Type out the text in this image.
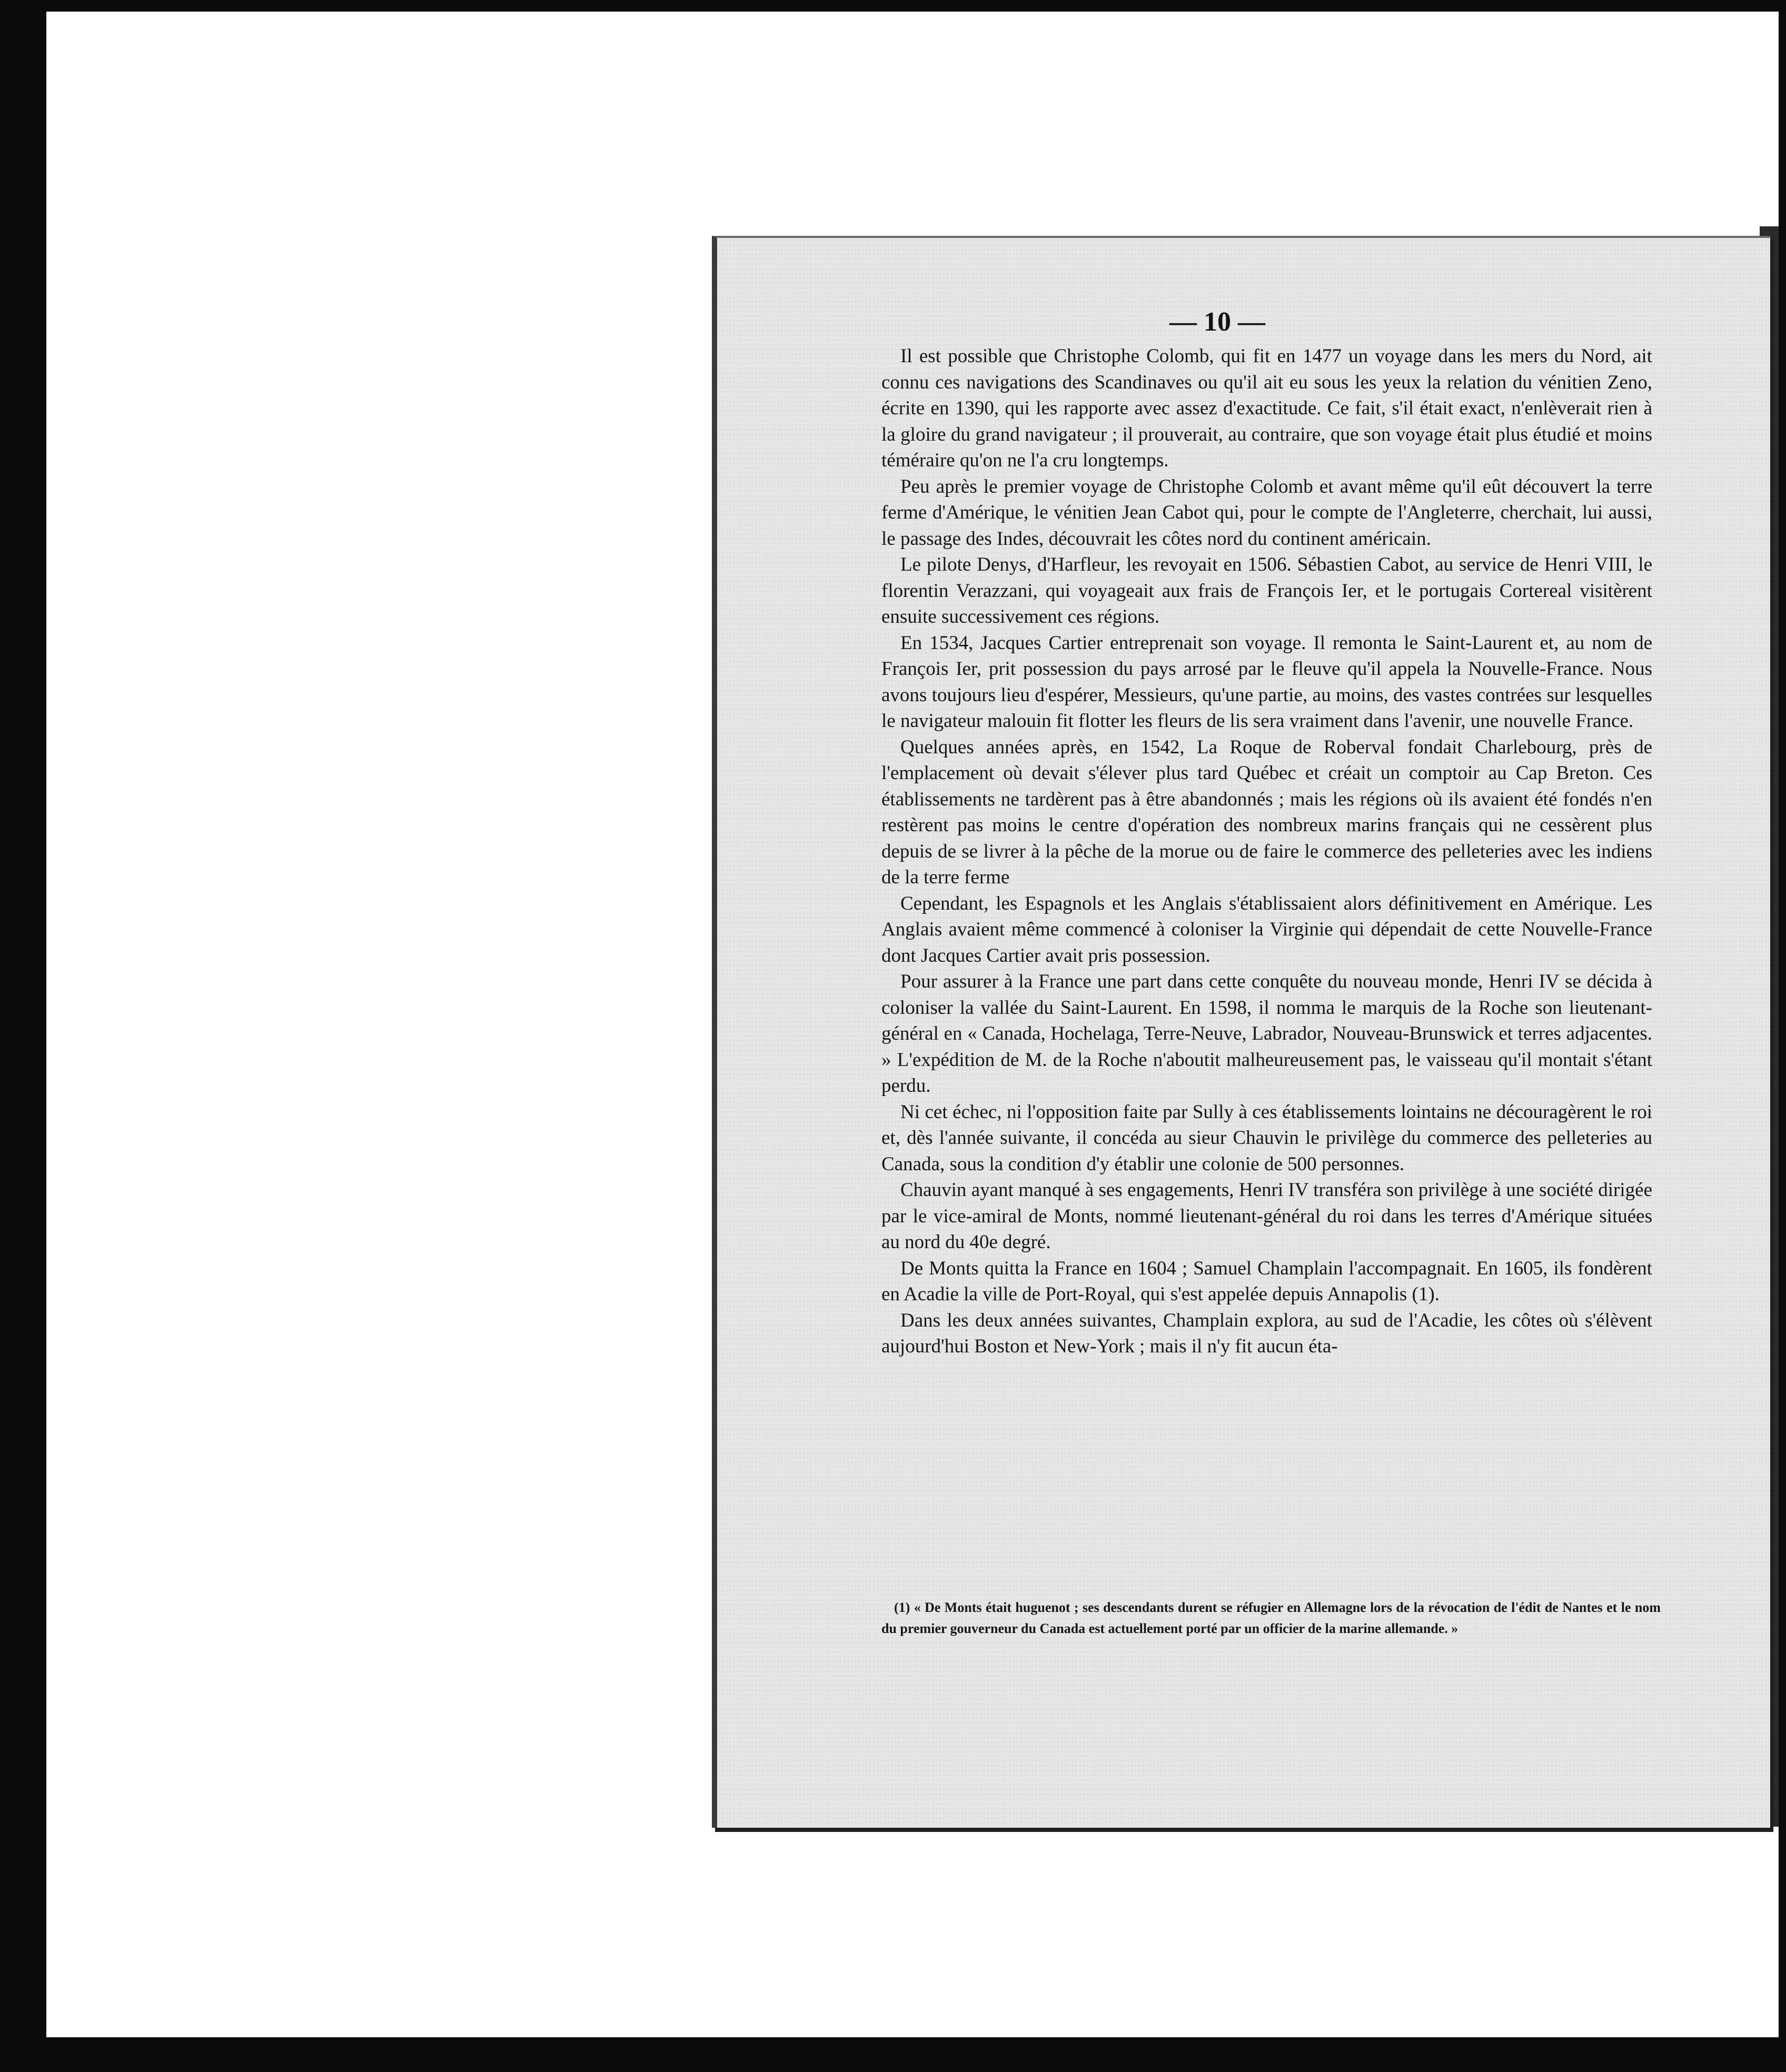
— 10 —

Il est possible que Christophe Colomb, qui fit en 1477 un voyage dans les mers du Nord, ait connu ces navigations des Scandinaves ou qu'il ait eu sous les yeux la relation du vénitien Zeno, écrite en 1390, qui les rapporte avec assez d'exactitude. Ce fait, s'il était exact, n'enlèverait rien à la gloire du grand navigateur ; il prouverait, au contraire, que son voyage était plus étudié et moins téméraire qu'on ne l'a cru longtemps.

Peu après le premier voyage de Christophe Colomb et avant même qu'il eût découvert la terre ferme d'Amérique, le vénitien Jean Cabot qui, pour le compte de l'Angleterre, cherchait, lui aussi, le passage des Indes, découvrait les côtes nord du continent américain.

Le pilote Denys, d'Harfleur, les revoyait en 1506. Sébastien Cabot, au service de Henri VIII, le florentin Verazzani, qui voyageait aux frais de François Ier, et le portugais Cortereal visitèrent ensuite successivement ces régions.

En 1534, Jacques Cartier entreprenait son voyage. Il remonta le Saint-Laurent et, au nom de François Ier, prit possession du pays arrosé par le fleuve qu'il appela la Nouvelle-France. Nous avons toujours lieu d'espérer, Messieurs, qu'une partie, au moins, des vastes contrées sur lesquelles le navigateur malouin fit flotter les fleurs de lis sera vraiment dans l'avenir, une nouvelle France.

Quelques années après, en 1542, La Roque de Roberval fondait Charlebourg, près de l'emplacement où devait s'élever plus tard Québec et créait un comptoir au Cap Breton. Ces établissements ne tardèrent pas à être abandonnés ; mais les régions où ils avaient été fondés n'en restèrent pas moins le centre d'opération des nombreux marins français qui ne cessèrent plus depuis de se livrer à la pêche de la morue ou de faire le commerce des pelleteries avec les indiens de la terre ferme

Cependant, les Espagnols et les Anglais s'établissaient alors définitivement en Amérique. Les Anglais avaient même commencé à coloniser la Virginie qui dépendait de cette Nouvelle-France dont Jacques Cartier avait pris possession.

Pour assurer à la France une part dans cette conquête du nouveau monde, Henri IV se décida à coloniser la vallée du Saint-Laurent. En 1598, il nomma le marquis de la Roche son lieutenant-général en « Canada, Hochelaga, Terre-Neuve, Labrador, Nouveau-Brunswick et terres adjacentes. » L'expédition de M. de la Roche n'aboutit malheureusement pas, le vaisseau qu'il montait s'étant perdu.

Ni cet échec, ni l'opposition faite par Sully à ces établissements lointains ne découragèrent le roi et, dès l'année suivante, il concéda au sieur Chauvin le privilège du commerce des pelleteries au Canada, sous la condition d'y établir une colonie de 500 personnes.

Chauvin ayant manqué à ses engagements, Henri IV transféra son privilège à une société dirigée par le vice-amiral de Monts, nommé lieutenant-général du roi dans les terres d'Amérique situées au nord du 40e degré.

De Monts quitta la France en 1604 ; Samuel Champlain l'accompagnait. En 1605, ils fondèrent en Acadie la ville de Port-Royal, qui s'est appelée depuis Annapolis (1).

Dans les deux années suivantes, Champlain explora, au sud de l'Acadie, les côtes où s'élèvent aujourd'hui Boston et New-York ; mais il n'y fit aucun éta-

(1) « De Monts était huguenot ; ses descendants durent se réfugier en Allemagne lors de la révocation de l'édit de Nantes et le nom du premier gouverneur du Canada est actuellement porté par un officier de la marine allemande. »
